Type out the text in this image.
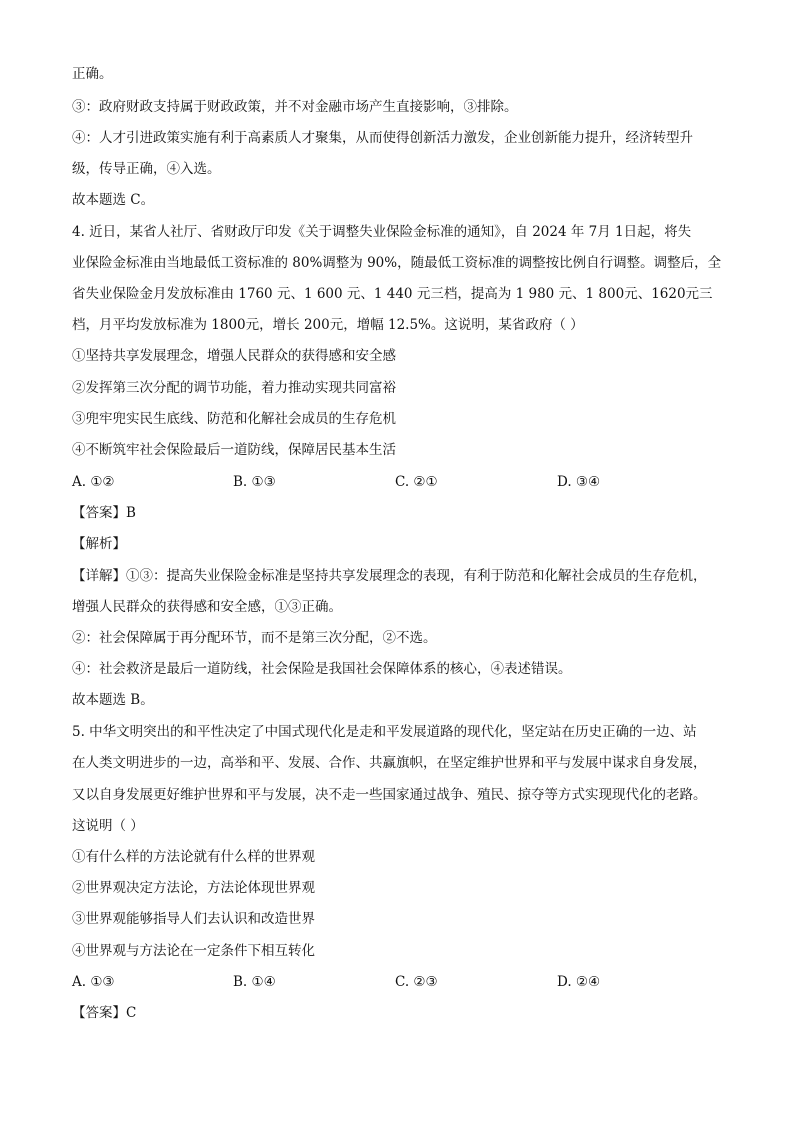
正确。
③：政府财政支持属于财政政策，并不对金融市场产生直接影响，③排除。
④：人才引进政策实施有利于高素质人才聚集，从而使得创新活力激发，企业创新能力提升，经济转型升
级，传导正确，④入选。
故本题选 C。
4. 近日，某省人社厅、省财政厅印发《关于调整失业保险金标准的通知》，自 2024 年 7月 1日起，将失
业保险金标准由当地最低工资标准的 80%调整为 90%，随最低工资标准的调整按比例自行调整。调整后，全
省失业保险金月发放标准由 1760 元、1 600 元、1 440 元三档，提高为 1 980 元、1 800元、1620元三
档，月平均发放标准为 1800元，增长 200元，增幅 12.5%。这说明，某省政府（ ）
①坚持共享发展理念，增强人民群众的获得感和安全感
②发挥第三次分配的调节功能，着力推动实现共同富裕
③兜牢兜实民生底线、防范和化解社会成员的生存危机
④不断筑牢社会保险最后一道防线，保障居民基本生活
A. ①②	B. ①③	C. ②①	D. ③④
【答案】B
【解析】
【详解】①③：提高失业保险金标准是坚持共享发展理念的表现，有利于防范和化解社会成员的生存危机，
增强人民群众的获得感和安全感，①③正确。
②：社会保障属于再分配环节，而不是第三次分配，②不选。
④：社会救济是最后一道防线，社会保险是我国社会保障体系的核心，④表述错误。
故本题选 B。
5. 中华文明突出的和平性决定了中国式现代化是走和平发展道路的现代化，坚定站在历史正确的一边、站
在人类文明进步的一边，高举和平、发展、合作、共赢旗帜，在坚定维护世界和平与发展中谋求自身发展，
又以自身发展更好维护世界和平与发展，决不走一些国家通过战争、殖民、掠夺等方式实现现代化的老路。
这说明（ ）
①有什么样的方法论就有什么样的世界观
②世界观决定方法论，方法论体现世界观
③世界观能够指导人们去认识和改造世界
④世界观与方法论在一定条件下相互转化
A. ①③	B. ①④	C. ②③	D. ②④
【答案】C
